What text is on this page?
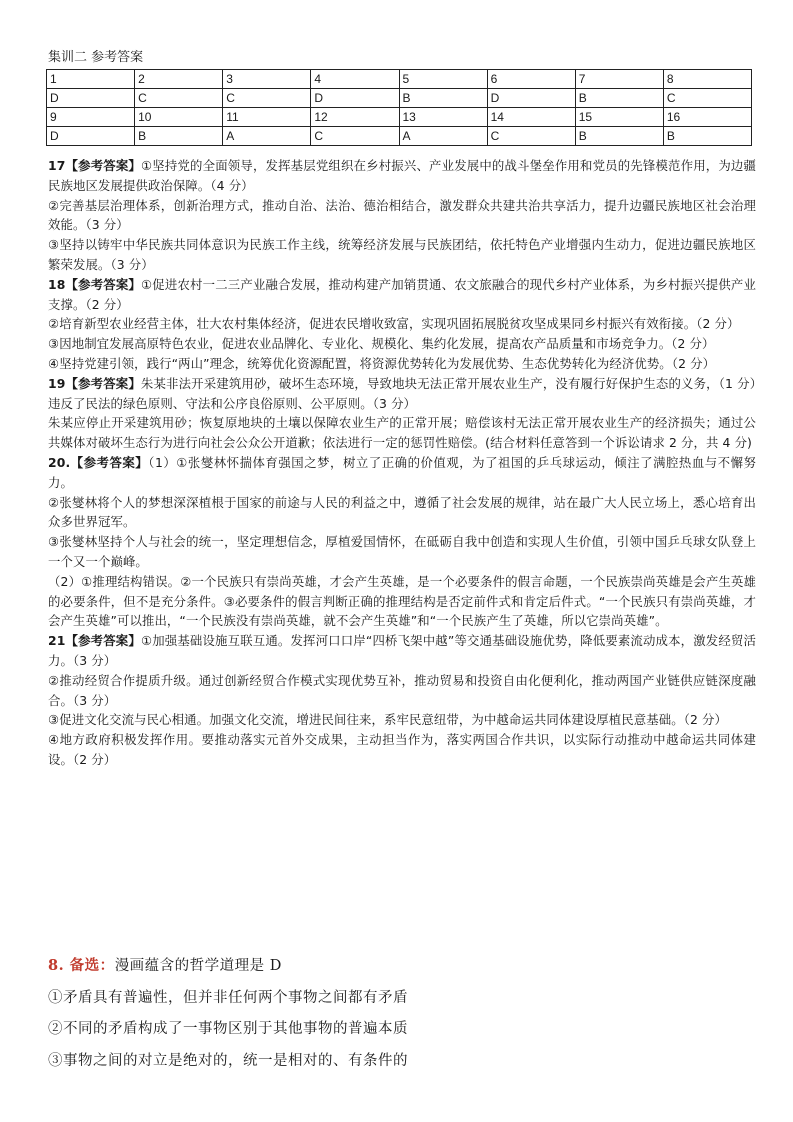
集训二 参考答案
1	2	3	4	5	6	7	8
D	C	C	D	B	D	B	C
9	10	11	12	13	14	15	16
D	B	A	C	A	C	B	B

17【参考答案】①坚持党的全面领导，发挥基层党组织在乡村振兴、产业发展中的战斗堡垒作用和党员的先锋模范作用，为边疆民族地区发展提供政治保障。（4 分）

②完善基层治理体系，创新治理方式，推动自治、法治、德治相结合，激发群众共建共治共享活力，提升边疆民族地区社会治理效能。（3 分）

③坚持以铸牢中华民族共同体意识为民族工作主线，统筹经济发展与民族团结，依托特色产业增强内生动力，促进边疆民族地区繁荣发展。（3 分）

18【参考答案】①促进农村一二三产业融合发展，推动构建产加销贯通、农文旅融合的现代乡村产业体系，为乡村振兴提供产业支撑。（2 分）

②培育新型农业经营主体，壮大农村集体经济，促进农民增收致富，实现巩固拓展脱贫攻坚成果同乡村振兴有效衔接。（2 分）

③因地制宜发展高原特色农业，促进农业品牌化、专业化、规模化、集约化发展，提高农产品质量和市场竞争力。（2 分）

④坚持党建引领，践行“两山”理念，统筹优化资源配置，将资源优势转化为发展优势、生态优势转化为经济优势。（2 分）

19【参考答案】朱某非法开采建筑用砂，破坏生态环境，导致地块无法正常开展农业生产，没有履行好保护生态的义务，（1 分）违反了民法的绿色原则、守法和公序良俗原则、公平原则。（3 分）

朱某应停止开采建筑用砂；恢复原地块的土壤以保障农业生产的正常开展；赔偿该村无法正常开展农业生产的经济损失；通过公共媒体对破坏生态行为进行向社会公众公开道歉；依法进行一定的惩罚性赔偿。(结合材料任意答到一个诉讼请求 2 分，共 4 分)

20.【参考答案】（1）①张燮林怀揣体育强国之梦，树立了正确的价值观，为了祖国的乒乓球运动，倾注了满腔热血与不懈努力。

②张燮林将个人的梦想深深植根于国家的前途与人民的利益之中，遵循了社会发展的规律，站在最广大人民立场上，悉心培育出众多世界冠军。

③张燮林坚持个人与社会的统一，坚定理想信念，厚植爱国情怀，在砥砺自我中创造和实现人生价值，引领中国乒乓球女队登上一个又一个巅峰。

（2）①推理结构错误。②一个民族只有崇尚英雄，才会产生英雄，是一个必要条件的假言命题，一个民族崇尚英雄是会产生英雄的必要条件，但不是充分条件。③必要条件的假言判断正确的推理结构是否定前件式和肯定后件式。“一个民族只有崇尚英雄，才会产生英雄”可以推出，“一个民族没有崇尚英雄，就不会产生英雄”和“一个民族产生了英雄，所以它崇尚英雄”。

21【参考答案】①加强基础设施互联互通。发挥河口口岸“四桥飞架中越”等交通基础设施优势，降低要素流动成本，激发经贸活力。（3 分）

②推动经贸合作提质升级。通过创新经贸合作模式实现优势互补，推动贸易和投资自由化便利化，推动两国产业链供应链深度融合。（3 分）

③促进文化交流与民心相通。加强文化交流，增进民间往来，系牢民意纽带，为中越命运共同体建设厚植民意基础。（2 分）

④地方政府积极发挥作用。要推动落实元首外交成果，主动担当作为，落实两国合作共识，以实际行动推动中越命运共同体建设。（2 分）

8. 备选：漫画蕴含的哲学道理是 D

①矛盾具有普遍性，但并非任何两个事物之间都有矛盾

②不同的矛盾构成了一事物区别于其他事物的普遍本质

③事物之间的对立是绝对的，统一是相对的、有条件的
